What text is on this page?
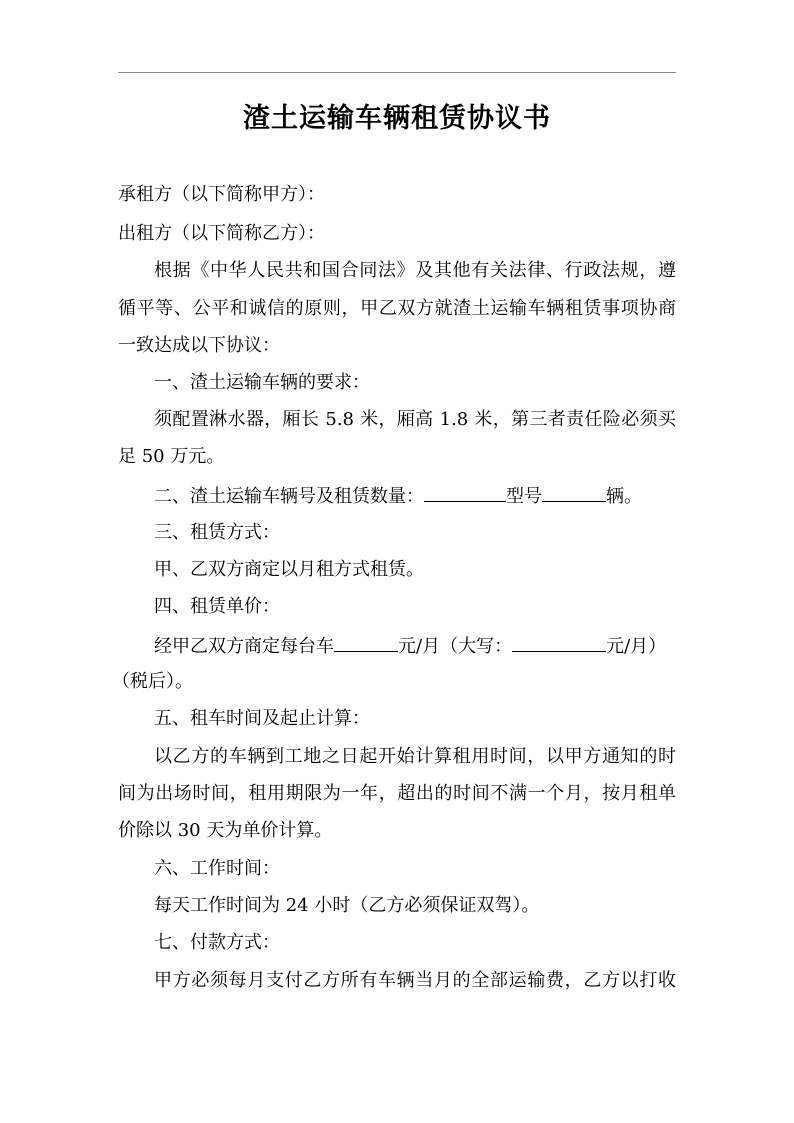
渣土运输车辆租赁协议书

承租方（以下简称甲方）：

出租方（以下简称乙方）：

根据《中华人民共和国合同法》及其他有关法律、行政法规，遵

循平等、公平和诚信的原则，甲乙双方就渣土运输车辆租赁事项协商

一致达成以下协议：

一、渣土运输车辆的要求：

须配置淋水器，厢长 5.8 米，厢高 1.8 米，第三者责任险必须买

足 50 万元。

二、渣土运输车辆号及租赁数量：	型号	辆。

三、租赁方式：

甲、乙双方商定以月租方式租赁。

四、租赁单价：

经甲乙双方商定每台车	元/月（大写：	元/月）

（税后）。

五、租车时间及起止计算：

以乙方的车辆到工地之日起开始计算租用时间，以甲方通知的时

间为出场时间，租用期限为一年，超出的时间不满一个月，按月租单

价除以 30 天为单价计算。

六、工作时间：

每天工作时间为 24 小时（乙方必须保证双驾）。

七、付款方式：

甲方必须每月支付乙方所有车辆当月的全部运输费，乙方以打收
